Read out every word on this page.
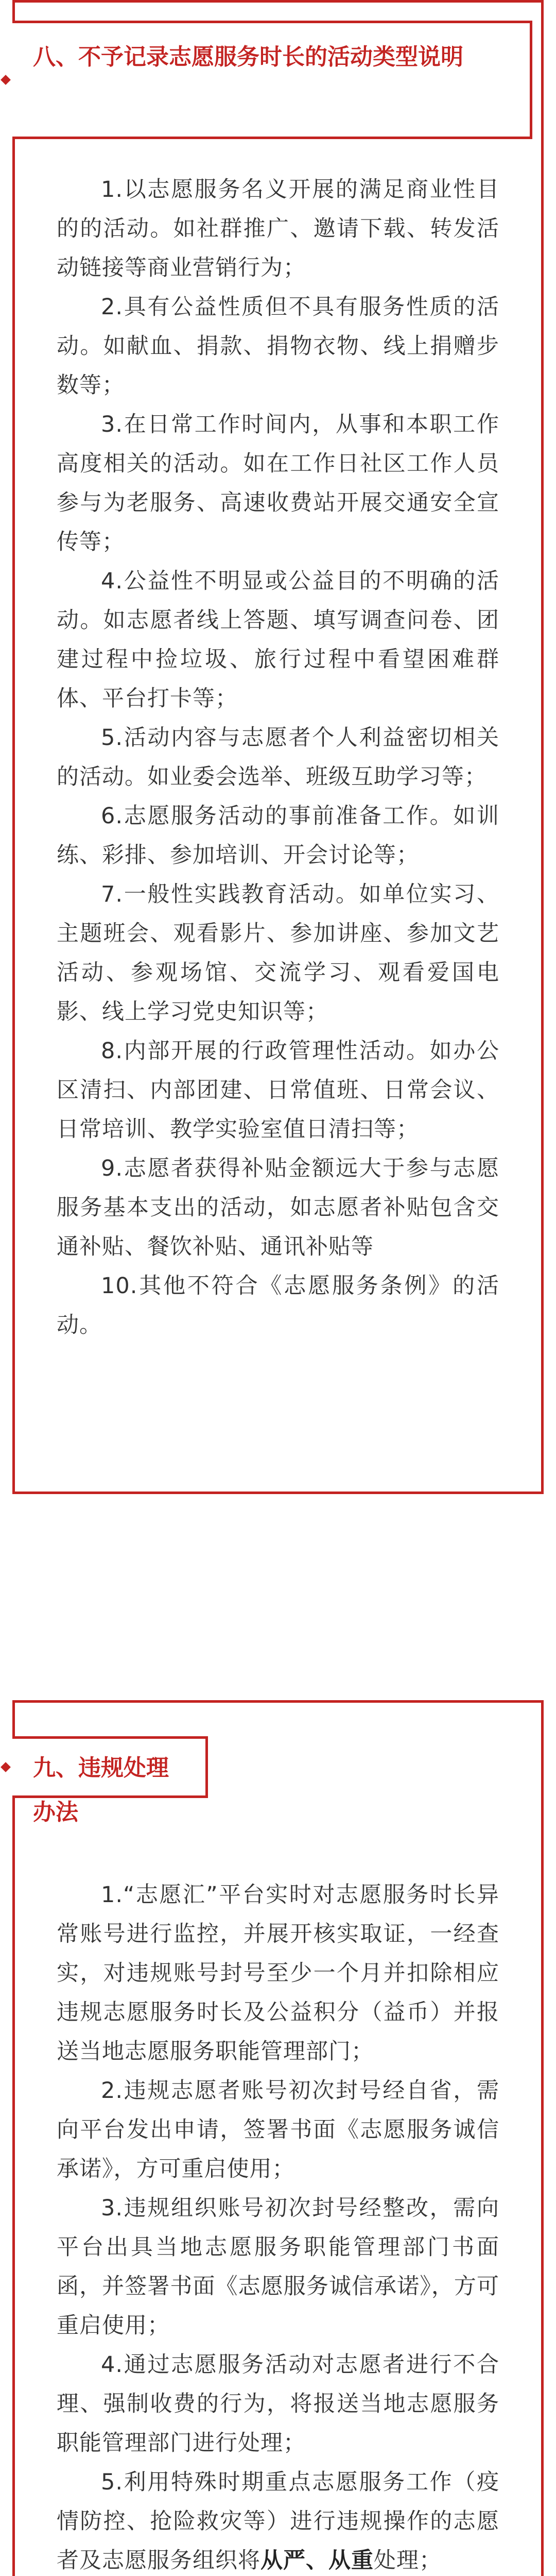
八、不予记录志愿服务时长的活动类型说明

1.以志愿服务名义开展的满足商业性目的的活动。如社群推广、邀请下载、转发活动链接等商业营销行为；

2.具有公益性质但不具有服务性质的活动。如献血、捐款、捐物衣物、线上捐赠步数等；

3.在日常工作时间内，从事和本职工作高度相关的活动。如在工作日社区工作人员参与为老服务、高速收费站开展交通安全宣传等；

4.公益性不明显或公益目的不明确的活动。如志愿者线上答题、填写调查问卷、团建过程中捡垃圾、旅行过程中看望困难群体、平台打卡等；

5.活动内容与志愿者个人利益密切相关的活动。如业委会选举、班级互助学习等；

6.志愿服务活动的事前准备工作。如训练、彩排、参加培训、开会讨论等；

7.一般性实践教育活动。如单位实习、主题班会、观看影片、参加讲座、参加文艺活动、参观场馆、交流学习、观看爱国电影、线上学习党史知识等；

8.内部开展的行政管理性活动。如办公区清扫、内部团建、日常值班、日常会议、日常培训、教学实验室值日清扫等；

9.志愿者获得补贴金额远大于参与志愿服务基本支出的活动，如志愿者补贴包含交通补贴、餐饮补贴、通讯补贴等

10.其他不符合《志愿服务条例》的活动。

九、违规处理办法

1.“志愿汇”平台实时对志愿服务时长异常账号进行监控，并展开核实取证，一经查实，对违规账号封号至少一个月并扣除相应违规志愿服务时长及公益积分（益币）并报送当地志愿服务职能管理部门；

2.违规志愿者账号初次封号经自省，需向平台发出申请，签署书面《志愿服务诚信承诺》，方可重启使用；

3.违规组织账号初次封号经整改，需向平台出具当地志愿服务职能管理部门书面函，并签署书面《志愿服务诚信承诺》，方可重启使用；

4.通过志愿服务活动对志愿者进行不合理、强制收费的行为，将报送当地志愿服务职能管理部门进行处理；

5.利用特殊时期重点志愿服务工作（疫情防控、抢险救灾等）进行违规操作的志愿者及志愿服务组织将从严、从重处理；
